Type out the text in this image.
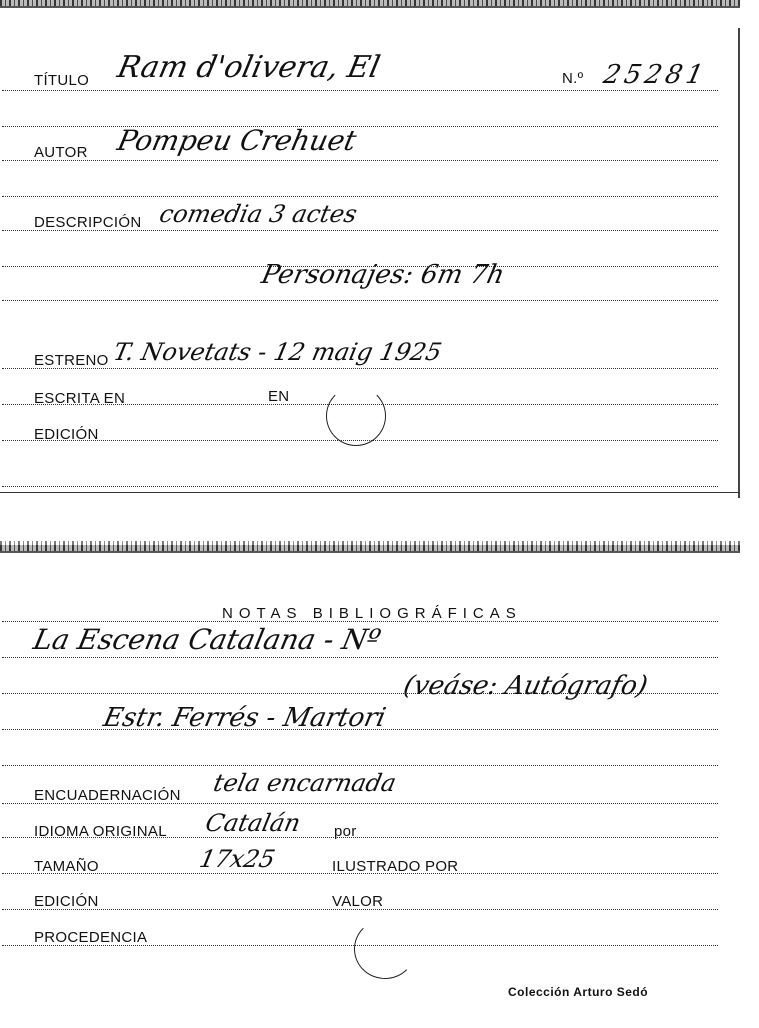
TÍTULO Ram d'olivera, El	N.º 25281
AUTOR Pompeu Crehuet
DESCRIPCIÓN comedia 3 actes
Personajes: 6m 7h
ESTRENO T. Novetats - 12 maig 1925
ESCRITA EN	EN
EDICIÓN
NOTAS BIBLIOGRÁFICAS
La Escena Catalana - Nº
(veáse: Autógrafo)
Estr. Ferrés - Martori
ENCUADERNACIÓN tela encarnada
IDIOMA ORIGINAL Catalán por
TAMAÑO	17x25	ILUSTRADO POR
EDICIÓN	VALOR
PROCEDENCIA
Colección Arturo Sedó
